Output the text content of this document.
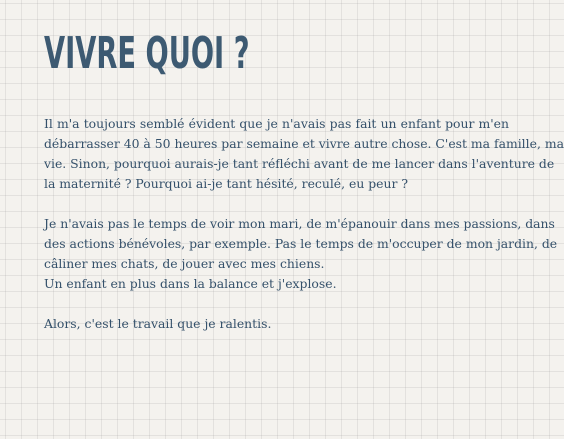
VIVRE QUOI ?

Il m'a toujours semblé évident que je n'avais pas fait un enfant pour m'en
débarrasser 40 à 50 heures par semaine et vivre autre chose. C'est ma famille, ma
vie. Sinon, pourquoi aurais-je tant réfléchi avant de me lancer dans l'aventure de
la maternité ? Pourquoi ai-je tant hésité, reculé, eu peur ?

Je n'avais pas le temps de voir mon mari, de m'épanouir dans mes passions, dans
des actions bénévoles, par exemple. Pas le temps de m'occuper de mon jardin, de
câliner mes chats, de jouer avec mes chiens.
Un enfant en plus dans la balance et j'explose.

Alors, c'est le travail que je ralentis.
